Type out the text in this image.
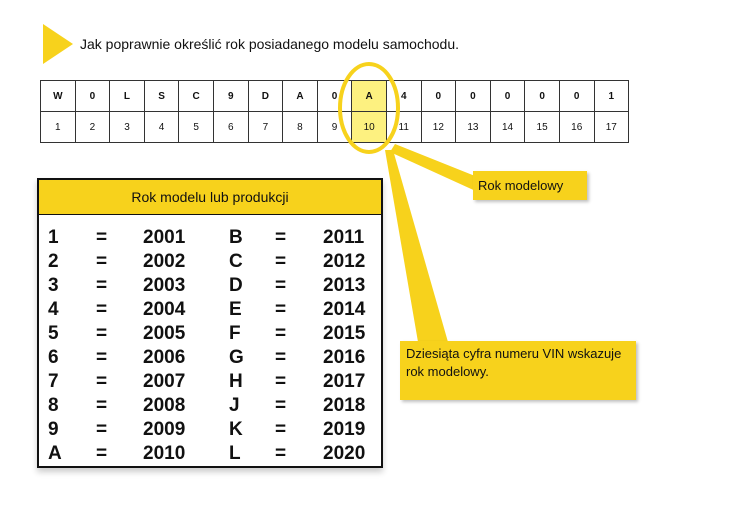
Jak poprawnie określić rok posiadanego modelu samochodu.
W	0	L	S	C	9	D	A	0	A	4	0	0	0	0	0	1
1	2	3	4	5	6	7	8	9	10	11	12	13	14	15	16	17
Rok modelowy
Dziesiąta cyfra numeru VIN wskazuje rok modelowy.
Rok modelu lub produkcji
1 = 2001 B = 2011
2 = 2002 C = 2012
3 = 2003 D = 2013
4 = 2004 E = 2014
5 = 2005 F = 2015
6 = 2006 G = 2016
7 = 2007 H = 2017
8 = 2008 J = 2018
9 = 2009 K = 2019
A = 2010 L = 2020
